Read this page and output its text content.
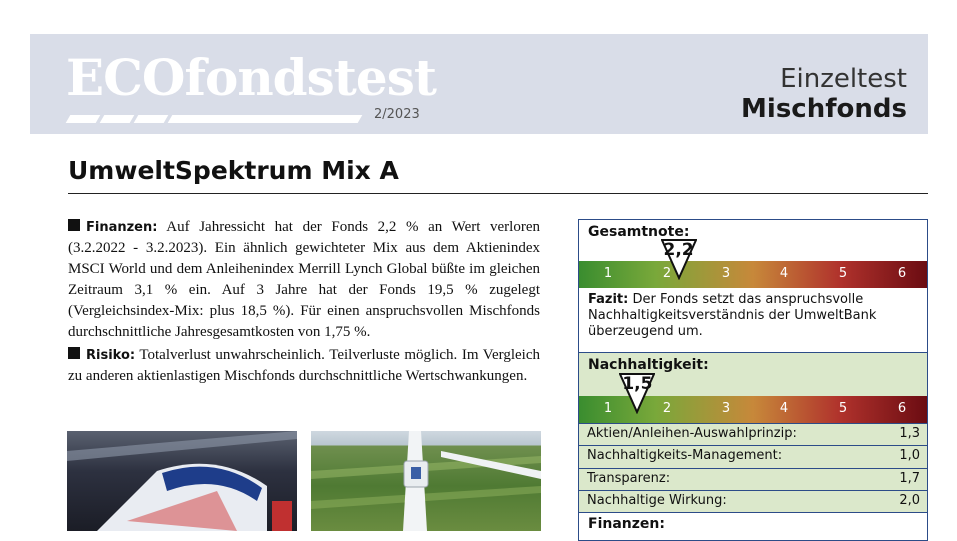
ECOfondstest
2/2023
Einzeltest
Mischfonds
UmweltSpektrum Mix A

Finanzen: Auf Jahressicht hat der Fonds 2,2 % an Wert verloren (3.2.2022 - 3.2.2023). Ein ähnlich gewichteter Mix aus dem Aktienindex MSCI World und dem Anleihenindex Merrill Lynch Global büßte im gleichen Zeitraum 3,1 % ein. Auf 3 Jahre hat der Fonds 19,5 % zugelegt (Vergleichsindex-Mix: plus 18,5 %). Für einen anspruchsvollen Mischfonds durchschnittliche Jahresgesamtkosten von 1,75 %.

Risiko: Totalverlust unwahrscheinlich. Teilverluste möglich. Im Vergleich zu anderen aktienlastigen Mischfonds durchschnittliche Wertschwankungen.

Gesamtnote:
1	2	3	4	5	6
2,2
Fazit: Der Fonds setzt das anspruchsvolle Nachhaltigkeitsverständnis der UmweltBank überzeugend um.
Nachhaltigkeit:
1	2	3	4	5	6
1,5
Aktien/Anleihen-Auswahlprinzip:	1,3
Nachhaltigkeits-Management:	1,0
Transparenz:	1,7
Nachhaltige Wirkung:	2,0
Finanzen:
